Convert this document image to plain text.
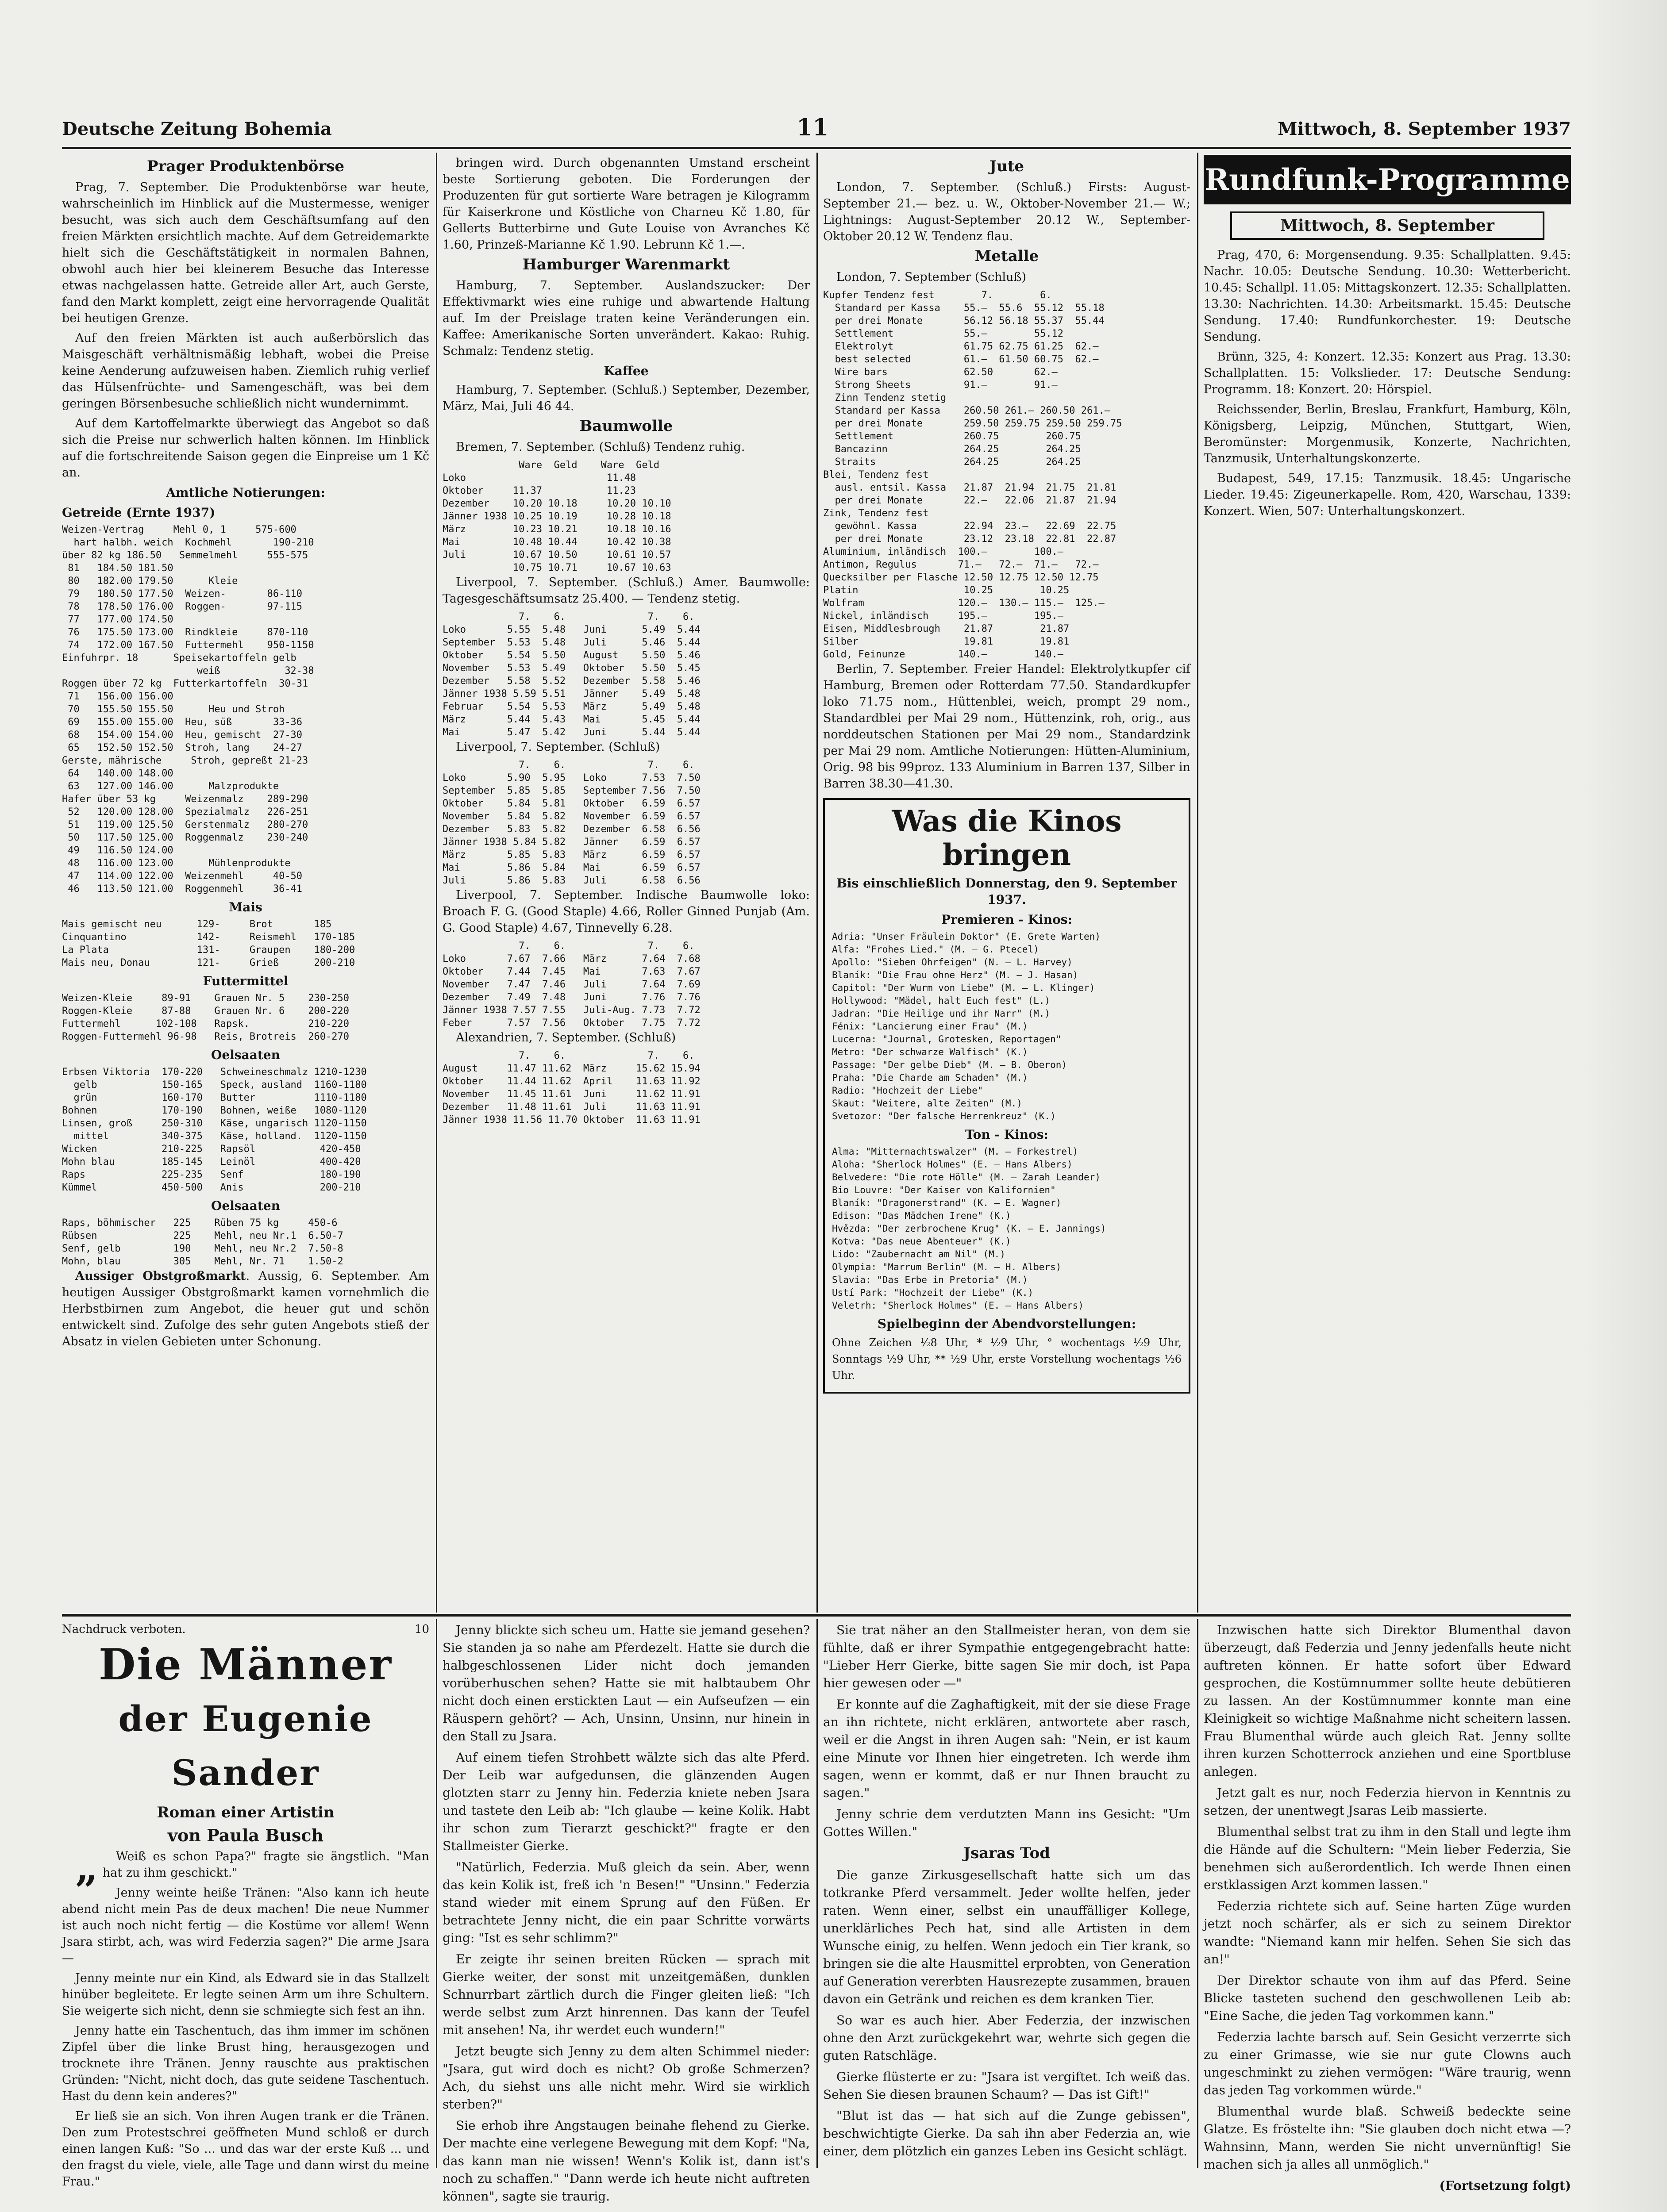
Deutsche Zeitung Bohemia	11	Mittwoch, 8. September 1937
Prager Produktenbörse

Prag, 7. September. Die Produktenbörse war heute, wahrscheinlich im Hinblick auf die Mustermesse, weniger besucht, was sich auch dem Geschäftsumfang auf den freien Märkten ersichtlich machte. Auf dem Getreidemarkte hielt sich die Geschäftstätigkeit in normalen Bahnen, obwohl auch hier bei kleinerem Besuche das Interesse etwas nachgelassen hatte. Getreide aller Art, auch Gerste, fand den Markt komplett, zeigt eine hervorragende Qualität bei heutigen Grenze.

Auf den freien Märkten ist auch außerbörslich das Maisgeschäft verhältnismäßig lebhaft, wobei die Preise keine Aenderung aufzuweisen haben. Ziemlich ruhig verlief das Hülsenfrüchte- und Samengeschäft, was bei dem geringen Börsenbesuche schließlich nicht wundernimmt.

Auf dem Kartoffelmarkte überwiegt das Angebot so daß sich die Preise nur schwerlich halten können. Im Hinblick auf die fortschreitende Saison gegen die Einpreise um 1 Kč an.

Amtliche Notierungen:
Getreide (Ernte 1937)
Weizen-Vertrag     Mehl 0, 1     575-600
hart halbh. weich  Kochmehl       190-210
über 82 kg 186.50   Semmelmehl     555-575
81   184.50 181.50
80   182.00 179.50      Kleie
79   180.50 177.50  Weizen-       86-110
78   178.50 176.00  Roggen-       97-115
77   177.00 174.50
76   175.50 173.00  Rindkleie     870-110
74   172.00 167.50  Futtermehl    950-1150
Einfuhrpr. 18      Speisekartoffeln gelb
weiß           32-38
Roggen über 72 kg  Futterkartoffeln  30-31
71   156.00 156.00
70   155.50 155.50      Heu und Stroh
69   155.00 155.00  Heu, süß       33-36
68   154.00 154.00  Heu, gemischt  27-30
65   152.50 152.50  Stroh, lang    24-27
Gerste, mährische     Stroh, gepreßt 21-23
64   140.00 148.00
63   127.00 146.00      Malzprodukte
Hafer über 53 kg     Weizenmalz    289-290
52   120.00 128.00  Spezialmalz   226-251
51   119.00 125.50  Gerstenmalz   280-270
50   117.50 125.00  Roggenmalz    230-240
49   116.50 124.00
48   116.00 123.00      Mühlenprodukte
47   114.00 122.00  Weizenmehl     40-50
46   113.50 121.00  Roggenmehl     36-41
Mais
Mais gemischt neu      129-     Brot       185
Cinquantino            142-     Reismehl   170-185
La Plata               131-     Graupen    180-200
Mais neu, Donau        121-     Grieß      200-210
Futtermittel
Weizen-Kleie     89-91    Grauen Nr. 5    230-250
Roggen-Kleie     87-88    Grauen Nr. 6    200-220
Futtermehl      102-108   Rapsk.          210-220
Roggen-Futtermehl 96-98   Reis, Brotreis  260-270
Oelsaaten
Erbsen Viktoria  170-220   Schweineschmalz 1210-1230
gelb           150-165   Speck, ausland  1160-1180
grün           160-170   Butter          1110-1180
Bohnen           170-190   Bohnen, weiße   1080-1120
Linsen, groß     250-310   Käse, ungarisch 1120-1150
mittel         340-375   Käse, holland.  1120-1150
Wicken           210-225   Rapsöl           420-450
Mohn blau        185-145   Leinöl           400-420
Raps             225-235   Senf             180-190
Kümmel           450-500   Anis             200-210
Oelsaaten
Raps, böhmischer   225    Rüben 75 kg     450-6
Rübsen             225    Mehl, neu Nr.1  6.50-7
Senf, gelb         190    Mehl, neu Nr.2  7.50-8
Mohn, blau         305    Mehl, Nr. 71    1.50-2

Aussiger Obstgroßmarkt. Aussig, 6. September. Am heutigen Aussiger Obstgroßmarkt kamen vornehmlich die Herbstbirnen zum Angebot, die heuer gut und schön entwickelt sind. Zufolge des sehr guten Angebots stieß der Absatz in vielen Gebieten unter Schonung.

bringen wird. Durch obgenannten Umstand erscheint beste Sortierung geboten. Die Forderungen der Produzenten für gut sortierte Ware betragen je Kilogramm für Kaiserkrone und Köstliche von Charneu Kč 1.80, für Gellerts Butterbirne und Gute Louise von Avranches Kč 1.60, Prinzeß-Marianne Kč 1.90. Lebrunn Kč 1.—.

Hamburger Warenmarkt

Hamburg, 7. September. Auslandszucker: Der Effektivmarkt wies eine ruhige und abwartende Haltung auf. Im der Preislage traten keine Veränderungen ein. Kaffee: Amerikanische Sorten unverändert. Kakao: Ruhig. Schmalz: Tendenz stetig.

Kaffee

Hamburg, 7. September. (Schluß.) September, Dezember, März, Mai, Juli 46 44.

Baumwolle

Bremen, 7. September. (Schluß) Tendenz ruhig.

Ware  Geld    Ware  Geld
Loko                        11.48
Oktober     11.37           11.23
Dezember    10.20 10.18     10.20 10.10
Jänner 1938 10.25 10.19     10.28 10.18
März        10.23 10.21     10.18 10.16
Mai         10.48 10.44     10.42 10.38
Juli        10.67 10.50     10.61 10.57
10.75 10.71     10.67 10.63

Liverpool, 7. September. (Schluß.) Amer. Baumwolle: Tagesgeschäftsumsatz 25.400. — Tendenz stetig.

7.    6.              7.    6.
Loko       5.55  5.48   Juni      5.49  5.44
September  5.53  5.48   Juli      5.46  5.44
Oktober    5.54  5.50   August    5.50  5.46
November   5.53  5.49   Oktober   5.50  5.45
Dezember   5.58  5.52   Dezember  5.58  5.46
Jänner 1938 5.59 5.51   Jänner    5.49  5.48
Februar    5.54  5.53   März      5.49  5.48
März       5.44  5.43   Mai       5.45  5.44
Mai        5.47  5.42   Juni      5.44  5.44

Liverpool, 7. September. (Schluß)

7.    6.              7.    6.
Loko       5.90  5.95   Loko      7.53  7.50
September  5.85  5.85   September 7.56  7.50
Oktober    5.84  5.81   Oktober   6.59  6.57
November   5.84  5.82   November  6.59  6.57
Dezember   5.83  5.82   Dezember  6.58  6.56
Jänner 1938 5.84 5.82   Jänner    6.59  6.57
März       5.85  5.83   März      6.59  6.57
Mai        5.86  5.84   Mai       6.59  6.57
Juli       5.86  5.83   Juli      6.58  6.56

Liverpool, 7. September. Indische Baumwolle loko: Broach F. G. (Good Staple) 4.66, Roller Ginned Punjab (Am. G. Good Staple) 4.67, Tinnevelly 6.28.

7.    6.              7.    6.
Loko       7.67  7.66   März      7.64  7.68
Oktober    7.44  7.45   Mai       7.63  7.67
November   7.47  7.46   Juli      7.64  7.69
Dezember   7.49  7.48   Juni      7.76  7.76
Jänner 1938 7.57 7.55   Juli-Aug. 7.73  7.72
Feber      7.57  7.56   Oktober   7.75  7.72

Alexandrien, 7. September. (Schluß)

7.    6.              7.    6.
August     11.47 11.62  März     15.62 15.94
Oktober    11.44 11.62  April    11.63 11.92
November   11.45 11.61  Juni     11.62 11.91
Dezember   11.48 11.61  Juli     11.63 11.91
Jänner 1938 11.56 11.70 Oktober  11.63 11.91
Jute

London, 7. September. (Schluß.) Firsts: August-September 21.— bez. u. W., Oktober-November 21.— W.; Lightnings: August-September 20.12 W., September-Oktober 20.12 W. Tendenz flau.

Metalle

London, 7. September (Schluß)

Kupfer Tendenz fest        7.        6.
Standard per Kassa    55.—  55.6  55.12  55.18
per drei Monate       56.12 56.18 55.37  55.44
Settlement            55.—        55.12
Elektrolyt            61.75 62.75 61.25  62.—
best selected         61.—  61.50 60.75  62.—
Wire bars             62.50       62.—
Strong Sheets         91.—        91.—
Zinn Tendenz stetig
Standard per Kassa    260.50 261.— 260.50 261.—
per drei Monate       259.50 259.75 259.50 259.75
Settlement            260.75        260.75
Bancazinn             264.25        264.25
Straits               264.25        264.25
Blei, Tendenz fest
ausl. entsil. Kassa   21.87  21.94  21.75  21.81
per drei Monate       22.—   22.06  21.87  21.94
Zink, Tendenz fest
gewöhnl. Kassa        22.94  23.—   22.69  22.75
per drei Monate       23.12  23.18  22.81  22.87
Aluminium, inländisch  100.—        100.—
Antimon, Regulus       71.—   72.—  71.—   72.—
Quecksilber per Flasche 12.50 12.75 12.50 12.75
Platin                  10.25        10.25
Wolfram                120.—  130.— 115.—  125.—
Nickel, inländisch     195.—        195.—
Eisen, Middlesbrough    21.87        21.87
Silber                  19.81        19.81
Gold, Feinunze         140.—        140.—

Berlin, 7. September. Freier Handel: Elektrolytkupfer cif Hamburg, Bremen oder Rotterdam 77.50. Standardkupfer loko 71.75 nom., Hüttenblei, weich, prompt 29 nom., Standardblei per Mai 29 nom., Hüttenzink, roh, orig., aus norddeutschen Stationen per Mai 29 nom., Standardzink per Mai 29 nom. Amtliche Notierungen: Hütten-Aluminium, Orig. 98 bis 99proz. 133 Aluminium in Barren 137, Silber in Barren 38.30—41.30.

Was die Kinos bringen
Bis einschließlich Donnerstag, den 9. September 1937.
Premieren - Kinos:
Adria: "Unser Fräulein Doktor" (E. Grete Warten)
Alfa: "Frohes Lied." (M. — G. Ptecel)
Apollo: "Sieben Ohrfeigen" (N. — L. Harvey)
Blaník: "Die Frau ohne Herz" (M. — J. Hasan)
Capitol: "Der Wurm von Liebe" (M. — L. Klinger)
Hollywood: "Mädel, halt Euch fest" (L.)
Jadran: "Die Heilige und ihr Narr" (M.)
Fénix: "Lancierung einer Frau" (M.)
Lucerna: "Journal, Grotesken, Reportagen"
Metro: "Der schwarze Walfisch" (K.)
Passage: "Der gelbe Dieb" (M. — B. Oberon)
Praha: "Die Charde am Schaden" (M.)
Radio: "Hochzeit der Liebe"
Skaut: "Weitere, alte Zeiten" (M.)
Svetozor: "Der falsche Herrenkreuz" (K.)
Ton - Kinos:
Alma: "Mitternachtswalzer" (M. — Forkestrel)
Aloha: "Sherlock Holmes" (E. — Hans Albers)
Belvedere: "Die rote Hölle" (M. — Zarah Leander)
Bio Louvre: "Der Kaiser von Kalifornien"
Blaník: "Dragonerstrand" (K. — E. Wagner)
Edison: "Das Mädchen Irene" (K.)
Hvězda: "Der zerbrochene Krug" (K. — E. Jannings)
Kotva: "Das neue Abenteuer" (K.)
Lido: "Zaubernacht am Nil" (M.)
Olympia: "Marrum Berlin" (M. — H. Albers)
Slavia: "Das Erbe in Pretoria" (M.)
Ustí Park: "Hochzeit der Liebe" (K.)
Veletrh: "Sherlock Holmes" (E. — Hans Albers)
Spielbeginn der Abendvorstellungen:

Ohne Zeichen ½8 Uhr, * ½9 Uhr, ° wochentags ½9 Uhr, Sonntags ½9 Uhr, ** ½9 Uhr, erste Vorstellung wochentags ½6 Uhr.

Rundfunk-Programme
Mittwoch, 8. September

Prag, 470, 6: Morgensendung. 9.35: Schallplatten. 9.45: Nachr. 10.05: Deutsche Sendung. 10.30: Wetterbericht. 10.45: Schallpl. 11.05: Mittagskonzert. 12.35: Schallplatten. 13.30: Nachrichten. 14.30: Arbeitsmarkt. 15.45: Deutsche Sendung. 17.40: Rundfunkorchester. 19: Deutsche Sendung.

Brünn, 325, 4: Konzert. 12.35: Konzert aus Prag. 13.30: Schallplatten. 15: Volkslieder. 17: Deutsche Sendung: Programm. 18: Konzert. 20: Hörspiel.

Reichssender, Berlin, Breslau, Frankfurt, Hamburg, Köln, Königsberg, Leipzig, München, Stuttgart, Wien, Beromünster: Morgenmusik, Konzerte, Nachrichten, Tanzmusik, Unterhaltungskonzerte.

Budapest, 549, 17.15: Tanzmusik. 18.45: Ungarische Lieder. 19.45: Zigeunerkapelle. Rom, 420, Warschau, 1339: Konzert. Wien, 507: Unterhaltungskonzert.

Nachdruck verboten.	10
Die Männer
der Eugenie Sander
Roman einer Artistin
von Paula Busch

„ Weiß es schon Papa?" fragte sie ängstlich. "Man hat zu ihm geschickt."

Jenny weinte heiße Tränen: "Also kann ich heute abend nicht mein Pas de deux machen! Die neue Nummer ist auch noch nicht fertig — die Kostüme vor allem! Wenn Jsara stirbt, ach, was wird Federzia sagen?" Die arme Jsara —

Jenny meinte nur ein Kind, als Edward sie in das Stallzelt hinüber begleitete. Er legte seinen Arm um ihre Schultern. Sie weigerte sich nicht, denn sie schmiegte sich fest an ihn.

Jenny hatte ein Taschentuch, das ihm immer im schönen Zipfel über die linke Brust hing, herausgezogen und trocknete ihre Tränen. Jenny rauschte aus praktischen Gründen: "Nicht, nicht doch, das gute seidene Taschentuch. Hast du denn kein anderes?"

Er ließ sie an sich. Von ihren Augen trank er die Tränen. Den zum Protestschrei geöffneten Mund schloß er durch einen langen Kuß: "So ... und das war der erste Kuß ... und den fragst du viele, viele, alle Tage und dann wirst du meine Frau."

Jenny blickte sich scheu um. Hatte sie jemand gesehen? Sie standen ja so nahe am Pferdezelt. Hatte sie durch die halbgeschlossenen Lider nicht doch jemanden vorüberhuschen sehen? Hatte sie mit halbtaubem Ohr nicht doch einen erstickten Laut — ein Aufseufzen — ein Räuspern gehört? — Ach, Unsinn, Unsinn, nur hinein in den Stall zu Jsara.

Auf einem tiefen Strohbett wälzte sich das alte Pferd. Der Leib war aufgedunsen, die glänzenden Augen glotzten starr zu Jenny hin. Federzia kniete neben Jsara und tastete den Leib ab: "Ich glaube — keine Kolik. Habt ihr schon zum Tierarzt geschickt?" fragte er den Stallmeister Gierke.

"Natürlich, Federzia. Muß gleich da sein. Aber, wenn das kein Kolik ist, freß ich 'n Besen!" "Unsinn." Federzia stand wieder mit einem Sprung auf den Füßen. Er betrachtete Jenny nicht, die ein paar Schritte vorwärts ging: "Ist es sehr schlimm?"

Er zeigte ihr seinen breiten Rücken — sprach mit Gierke weiter, der sonst mit unzeitgemäßen, dunklen Schnurrbart zärtlich durch die Finger gleiten ließ: "Ich werde selbst zum Arzt hinrennen. Das kann der Teufel mit ansehen! Na, ihr werdet euch wundern!"

Jetzt beugte sich Jenny zu dem alten Schimmel nieder: "Jsara, gut wird doch es nicht? Ob große Schmerzen? Ach, du siehst uns alle nicht mehr. Wird sie wirklich sterben?"

Sie erhob ihre Angstaugen beinahe flehend zu Gierke. Der machte eine verlegene Bewegung mit dem Kopf: "Na, das kann man nie wissen! Wenn's Kolik ist, dann ist's noch zu schaffen." "Dann werde ich heute nicht auftreten können", sagte sie traurig.

Sie trat näher an den Stallmeister heran, von dem sie fühlte, daß er ihrer Sympathie entgegengebracht hatte: "Lieber Herr Gierke, bitte sagen Sie mir doch, ist Papa hier gewesen oder —"

Er konnte auf die Zaghaftigkeit, mit der sie diese Frage an ihn richtete, nicht erklären, antwortete aber rasch, weil er die Angst in ihren Augen sah: "Nein, er ist kaum eine Minute vor Ihnen hier eingetreten. Ich werde ihm sagen, wenn er kommt, daß er nur Ihnen braucht zu sagen."

Jenny schrie dem verdutzten Mann ins Gesicht: "Um Gottes Willen."

Jsaras Tod

Die ganze Zirkusgesellschaft hatte sich um das totkranke Pferd versammelt. Jeder wollte helfen, jeder raten. Wenn einer, selbst ein unauffälliger Kollege, unerklärliches Pech hat, sind alle Artisten in dem Wunsche einig, zu helfen. Wenn jedoch ein Tier krank, so bringen sie die alte Hausmittel erprobten, von Generation auf Generation vererbten Hausrezepte zusammen, brauen davon ein Getränk und reichen es dem kranken Tier.

So war es auch hier. Aber Federzia, der inzwischen ohne den Arzt zurückgekehrt war, wehrte sich gegen die guten Ratschläge.

Gierke flüsterte er zu: "Jsara ist vergiftet. Ich weiß das. Sehen Sie diesen braunen Schaum? — Das ist Gift!"

"Blut ist das — hat sich auf die Zunge gebissen", beschwichtigte Gierke. Da sah ihn aber Federzia an, wie einer, dem plötzlich ein ganzes Leben ins Gesicht schlägt.

Inzwischen hatte sich Direktor Blumenthal davon überzeugt, daß Federzia und Jenny jedenfalls heute nicht auftreten können. Er hatte sofort über Edward gesprochen, die Kostümnummer sollte heute debütieren zu lassen. An der Kostümnummer konnte man eine Kleinigkeit so wichtige Maßnahme nicht scheitern lassen. Frau Blumenthal würde auch gleich Rat. Jenny sollte ihren kurzen Schotterrock anziehen und eine Sportbluse anlegen.

Jetzt galt es nur, noch Federzia hiervon in Kenntnis zu setzen, der unentwegt Jsaras Leib massierte.

Blumenthal selbst trat zu ihm in den Stall und legte ihm die Hände auf die Schultern: "Mein lieber Federzia, Sie benehmen sich außerordentlich. Ich werde Ihnen einen erstklassigen Arzt kommen lassen."

Federzia richtete sich auf. Seine harten Züge wurden jetzt noch schärfer, als er sich zu seinem Direktor wandte: "Niemand kann mir helfen. Sehen Sie sich das an!"

Der Direktor schaute von ihm auf das Pferd. Seine Blicke tasteten suchend den geschwollenen Leib ab: "Eine Sache, die jeden Tag vorkommen kann."

Federzia lachte barsch auf. Sein Gesicht verzerrte sich zu einer Grimasse, wie sie nur gute Clowns auch ungeschminkt zu ziehen vermögen: "Wäre traurig, wenn das jeden Tag vorkommen würde."

Blumenthal wurde blaß. Schweiß bedeckte seine Glatze. Es fröstelte ihn: "Sie glauben doch nicht etwa —? Wahnsinn, Mann, werden Sie nicht unvernünftig! Sie machen sich ja alles all unmöglich."

(Fortsetzung folgt)
